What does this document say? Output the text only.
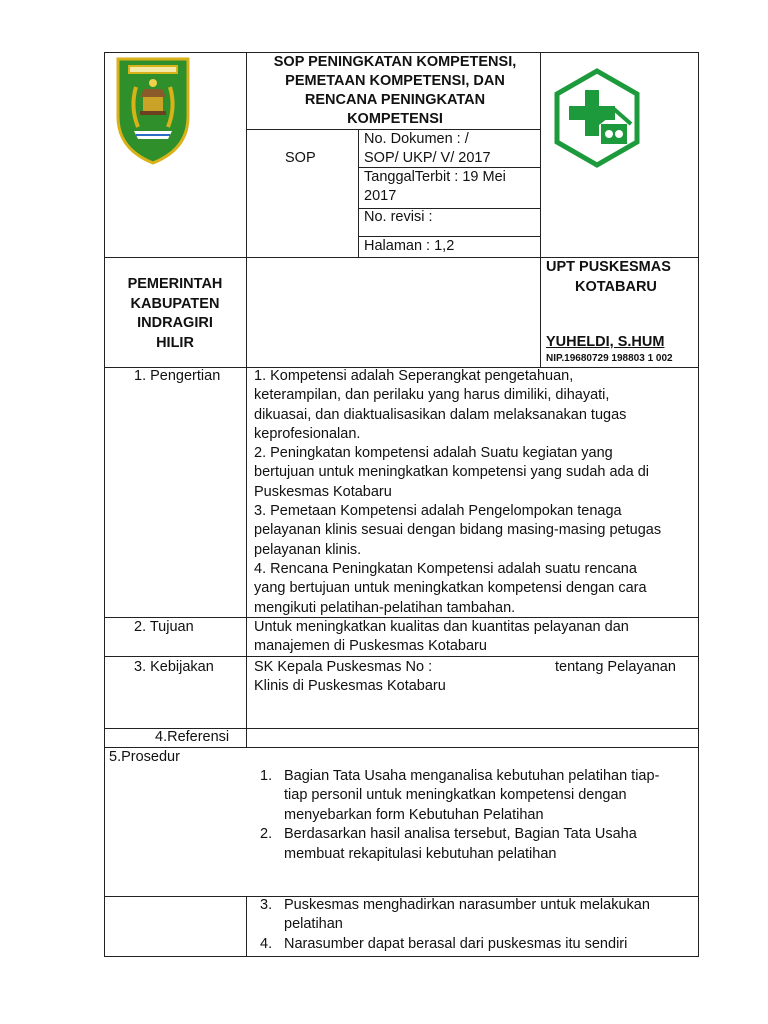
SOP PENINGKATAN KOMPETENSI,
PEMETAAN KOMPETENSI, DAN
RENCANA PENINGKATAN
KOMPETENSI
SOP
No. Dokumen : /
SOP/ UKP/ V/ 2017
TanggalTerbit : 19 Mei
2017
No. revisi :
Halaman : 1,2
PEMERINTAH
KABUPATEN
INDRAGIRI
HILIR
UPT PUSKESMAS
KOTABARU
YUHELDI, S.HUM
NIP.19680729 198803 1 002
1. Pengertian 1. Kompetensi adalah Seperangkat pengetahuan,
keterampilan, dan perilaku yang harus dimiliki, dihayati,
dikuasai, dan diaktualisasikan dalam melaksanakan tugas
keprofesionalan.
2. Peningkatan kompetensi adalah Suatu kegiatan yang
bertujuan untuk meningkatkan kompetensi yang sudah ada di
Puskesmas Kotabaru
3. Pemetaan Kompetensi adalah Pengelompokan tenaga
pelayanan klinis sesuai dengan bidang masing-masing petugas
pelayanan klinis.
4. Rencana Peningkatan Kompetensi adalah suatu rencana
yang bertujuan untuk meningkatkan kompetensi dengan cara
mengikuti pelatihan-pelatihan tambahan.
2. Tujuan	Untuk meningkatkan kualitas dan kuantitas pelayanan dan
manajemen di Puskesmas Kotabaru
3. Kebijakan	SK Kepala Puskesmas No :	tentang Pelayanan
Klinis di Puskesmas Kotabaru
4.Referensi
5.Prosedur
1. Bagian Tata Usaha menganalisa kebutuhan pelatihan tiap-
tiap personil untuk meningkatkan kompetensi dengan
menyebarkan form Kebutuhan Pelatihan
2. Berdasarkan hasil analisa tersebut, Bagian Tata Usaha
membuat rekapitulasi kebutuhan pelatihan
3. Puskesmas menghadirkan narasumber untuk melakukan
pelatihan
4. Narasumber dapat berasal dari puskesmas itu sendiri
